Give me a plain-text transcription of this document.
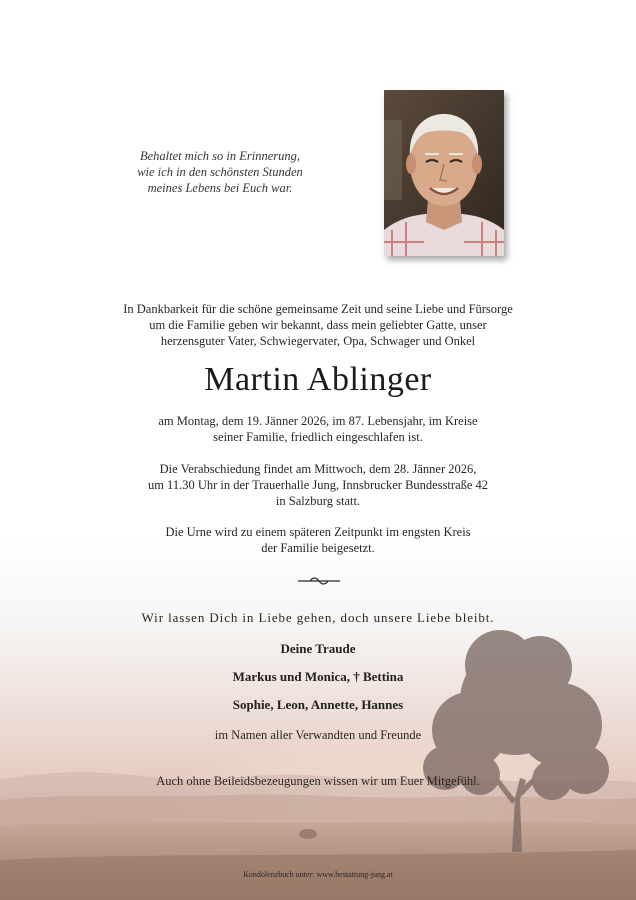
Behaltet mich so in Erinnerung,
wie ich in den schönsten Stunden
meines Lebens bei Euch war.
In Dankbarkeit für die schöne gemeinsame Zeit und seine Liebe und Fürsorge
um die Familie geben wir bekannt, dass mein geliebter Gatte, unser
herzensguter Vater, Schwiegervater, Opa, Schwager und Onkel
Martin Ablinger
am Montag, dem 19. Jänner 2026, im 87. Lebensjahr, im Kreise
seiner Familie, friedlich eingeschlafen ist.
Die Verabschiedung findet am Mittwoch, dem 28. Jänner 2026,
um 11.30 Uhr in der Trauerhalle Jung, Innsbrucker Bundesstraße 42
in Salzburg statt.
Die Urne wird zu einem späteren Zeitpunkt im engsten Kreis
der Familie beigesetzt.
Wir lassen Dich in Liebe gehen, doch unsere Liebe bleibt.
Deine Traude
Markus und Monica, † Bettina
Sophie, Leon, Annette, Hannes
im Namen aller Verwandten und Freunde
Auch ohne Beileidsbezeugungen wissen wir um Euer Mitgefühl.
Kondolenzbuch unter: www.bestattung-jung.at
